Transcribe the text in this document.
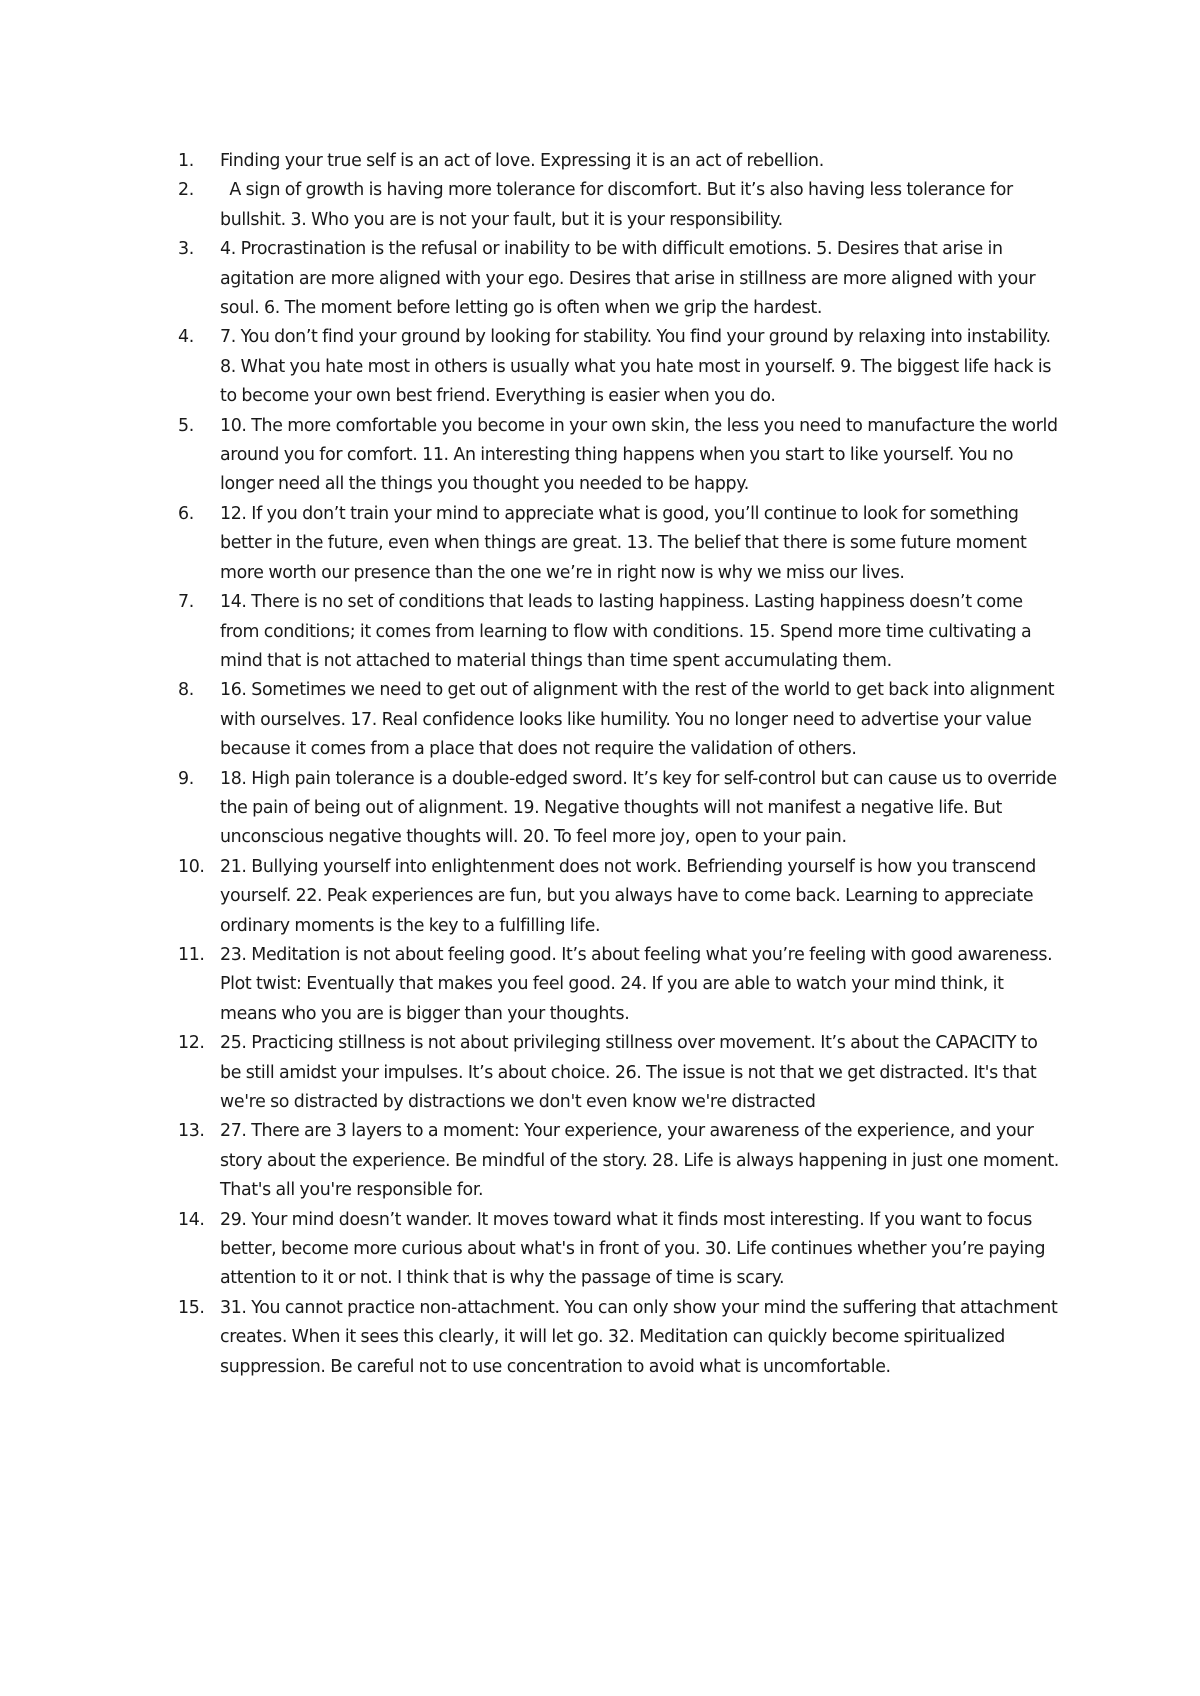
1.	Finding your true self is an act of love. Expressing it is an act of rebellion.
2.	A sign of growth is having more tolerance for discomfort. But it’s also having less tolerance for bullshit. 3. Who you are is not your fault, but it is your responsibility.
3.	4. Procrastination is the refusal or inability to be with difficult emotions. 5. Desires that arise in agitation are more aligned with your ego. Desires that arise in stillness are more aligned with your soul. 6. The moment before letting go is often when we grip the hardest.
4.	7. You don’t find your ground by looking for stability. You find your ground by relaxing into instability. 8. What you hate most in others is usually what you hate most in yourself. 9. The biggest life hack is to become your own best friend. Everything is easier when you do.
5.	10. The more comfortable you become in your own skin, the less you need to manufacture the world around you for comfort. 11. An interesting thing happens when you start to like yourself. You no longer need all the things you thought you needed to be happy.
6.	12. If you don’t train your mind to appreciate what is good, you’ll continue to look for something better in the future, even when things are great. 13. The belief that there is some future moment more worth our presence than the one we’re in right now is why we miss our lives.
7.	14. There is no set of conditions that leads to lasting happiness. Lasting happiness doesn’t come from conditions; it comes from learning to flow with conditions. 15. Spend more time cultivating a mind that is not attached to material things than time spent accumulating them.
8.	16. Sometimes we need to get out of alignment with the rest of the world to get back into alignment with ourselves. 17. Real confidence looks like humility. You no longer need to advertise your value because it comes from a place that does not require the validation of others.
9.	18. High pain tolerance is a double-edged sword. It’s key for self-control but can cause us to override the pain of being out of alignment. 19. Negative thoughts will not manifest a negative life. But unconscious negative thoughts will. 20. To feel more joy, open to your pain.
10. 21. Bullying yourself into enlightenment does not work. Befriending yourself is how you transcend yourself. 22. Peak experiences are fun, but you always have to come back. Learning to appreciate ordinary moments is the key to a fulfilling life.
11. 23. Meditation is not about feeling good. It’s about feeling what you’re feeling with good awareness. Plot twist: Eventually that makes you feel good. 24. If you are able to watch your mind think, it means who you are is bigger than your thoughts.
12. 25. Practicing stillness is not about privileging stillness over movement. It’s about the CAPACITY to be still amidst your impulses. It’s about choice. 26. The issue is not that we get distracted. It's that we're so distracted by distractions we don't even know we're distracted
13. 27. There are 3 layers to a moment: Your experience, your awareness of the experience, and your story about the experience. Be mindful of the story. 28. Life is always happening in just one moment. That's all you're responsible for.
14. 29. Your mind doesn’t wander. It moves toward what it finds most interesting. If you want to focus better, become more curious about what's in front of you. 30. Life continues whether you’re paying attention to it or not. I think that is why the passage of time is scary.
15. 31. You cannot practice non-attachment. You can only show your mind the suffering that attachment creates. When it sees this clearly, it will let go. 32. Meditation can quickly become spiritualized suppression. Be careful not to use concentration to avoid what is uncomfortable.
